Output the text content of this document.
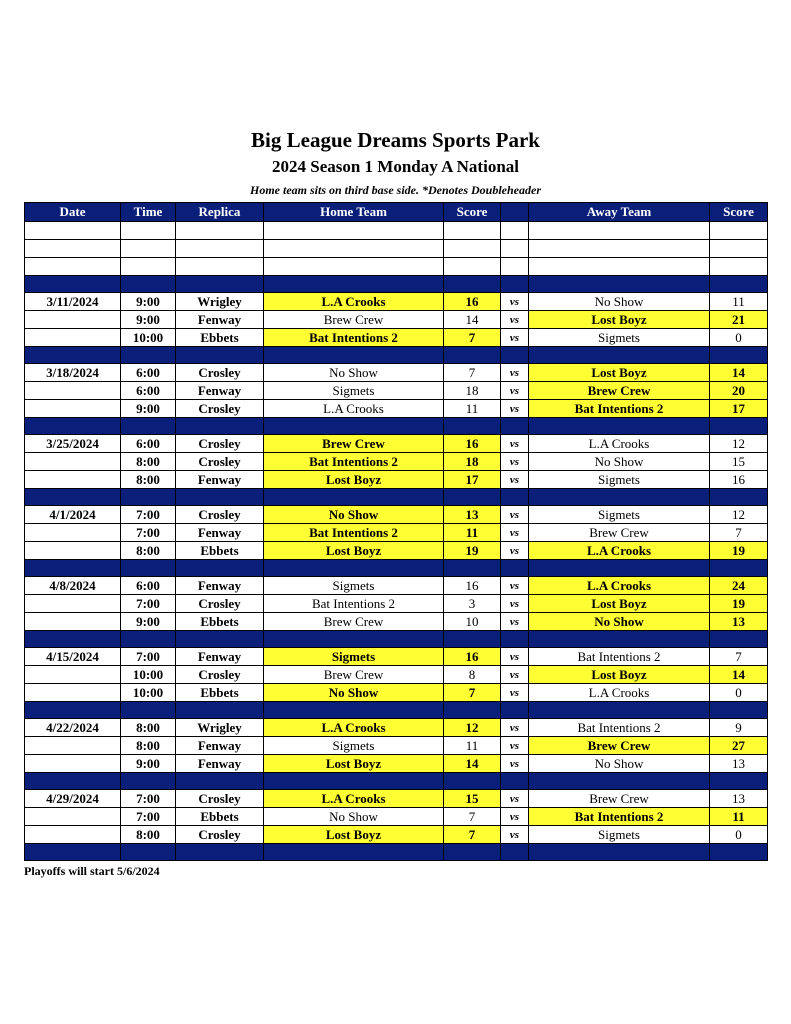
Big League Dreams Sports Park
2024 Season 1 Monday A National
Home team sits on third base side. *Denotes Doubleheader
Date	Time	Replica	Home Team	Score		Away Team	Score

3/11/2024	9:00	Wrigley	L.A Crooks	16	vs	No Show	11
	9:00	Fenway	Brew Crew	14	vs	Lost Boyz	21
	10:00	Ebbets	Bat Intentions 2	7	vs	Sigmets	0

3/18/2024	6:00	Crosley	No Show	7	vs	Lost Boyz	14
	6:00	Fenway	Sigmets	18	vs	Brew Crew	20
	9:00	Crosley	L.A Crooks	11	vs	Bat Intentions 2	17

3/25/2024	6:00	Crosley	Brew Crew	16	vs	L.A Crooks	12
	8:00	Crosley	Bat Intentions 2	18	vs	No Show	15
	8:00	Fenway	Lost Boyz	17	vs	Sigmets	16

4/1/2024	7:00	Crosley	No Show	13	vs	Sigmets	12
	7:00	Fenway	Bat Intentions 2	11	vs	Brew Crew	7
	8:00	Ebbets	Lost Boyz	19	vs	L.A Crooks	19

4/8/2024	6:00	Fenway	Sigmets	16	vs	L.A Crooks	24
	7:00	Crosley	Bat Intentions 2	3	vs	Lost Boyz	19
	9:00	Ebbets	Brew Crew	10	vs	No Show	13

4/15/2024	7:00	Fenway	Sigmets	16	vs	Bat Intentions 2	7
	10:00	Crosley	Brew Crew	8	vs	Lost Boyz	14
	10:00	Ebbets	No Show	7	vs	L.A Crooks	0

4/22/2024	8:00	Wrigley	L.A Crooks	12	vs	Bat Intentions 2	9
	8:00	Fenway	Sigmets	11	vs	Brew Crew	27
	9:00	Fenway	Lost Boyz	14	vs	No Show	13

4/29/2024	7:00	Crosley	L.A Crooks	15	vs	Brew Crew	13
	7:00	Ebbets	No Show	7	vs	Bat Intentions 2	11
	8:00	Crosley	Lost Boyz	7	vs	Sigmets	0

Playoffs will start 5/6/2024
